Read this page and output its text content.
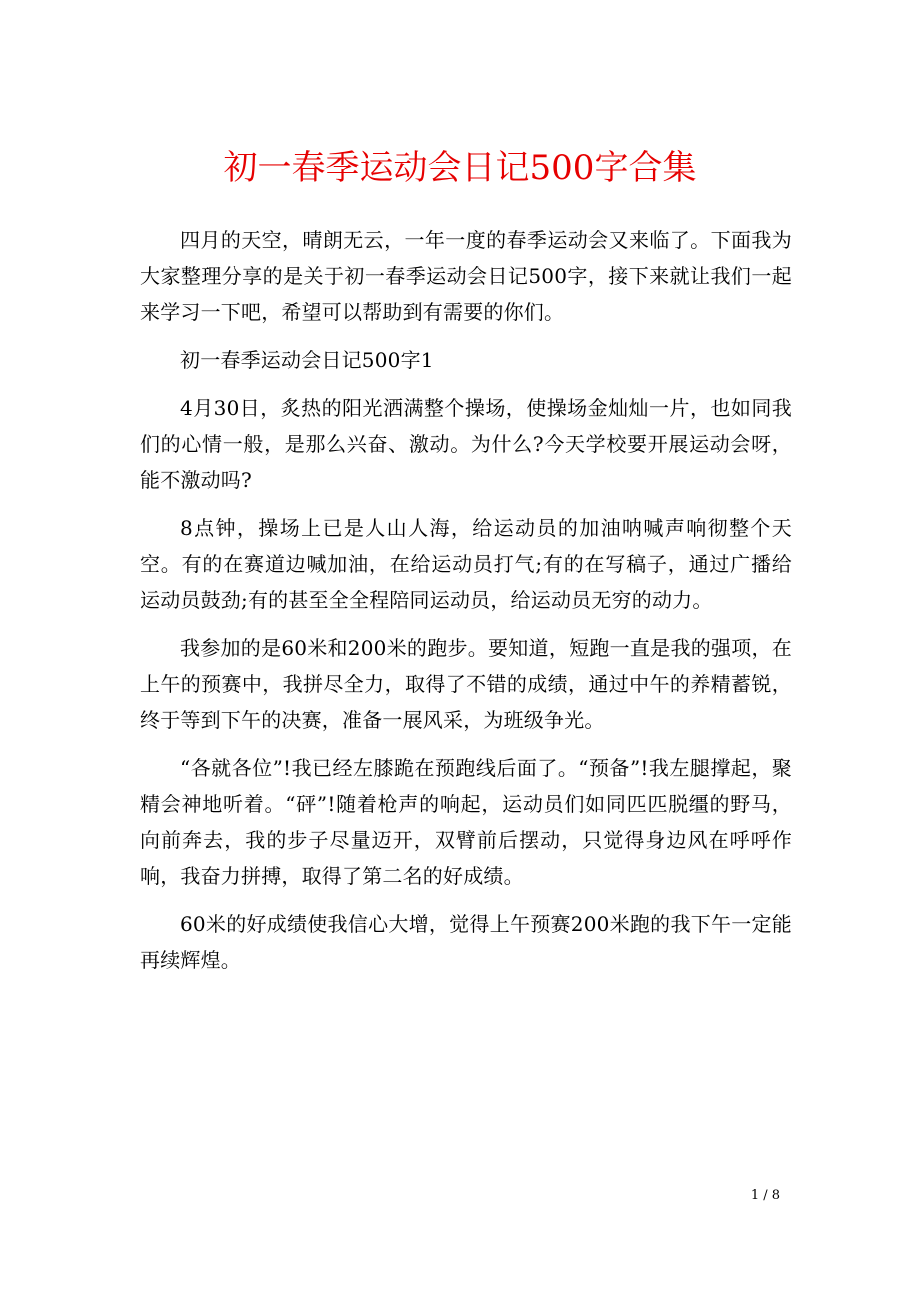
初一春季运动会日记500字合集

四月的天空，晴朗无云，一年一度的春季运动会又来临了。下面我为大家整理分享的是关于初一春季运动会日记500字，接下来就让我们一起来学习一下吧，希望可以帮助到有需要的你们。

初一春季运动会日记500字1

4月30日，炙热的阳光洒满整个操场，使操场金灿灿一片，也如同我们的心情一般，是那么兴奋、激动。为什么?今天学校要开展运动会呀，能不激动吗?

8点钟，操场上已是人山人海，给运动员的加油呐喊声响彻整个天空。有的在赛道边喊加油，在给运动员打气;有的在写稿子，通过广播给运动员鼓劲;有的甚至全全程陪同运动员，给运动员无穷的动力。

我参加的是60米和200米的跑步。要知道，短跑一直是我的强项，在上午的预赛中，我拼尽全力，取得了不错的成绩，通过中午的养精蓄锐，终于等到下午的决赛，准备一展风采，为班级争光。

“各就各位”!我已经左膝跪在预跑线后面了。“预备”!我左腿撑起，聚精会神地听着。“砰”!随着枪声的响起，运动员们如同匹匹脱缰的野马，向前奔去，我的步子尽量迈开，双臂前后摆动，只觉得身边风在呼呼作响，我奋力拼搏，取得了第二名的好成绩。

60米的好成绩使我信心大增，觉得上午预赛200米跑的我下午一定能再续辉煌。

1 / 8
